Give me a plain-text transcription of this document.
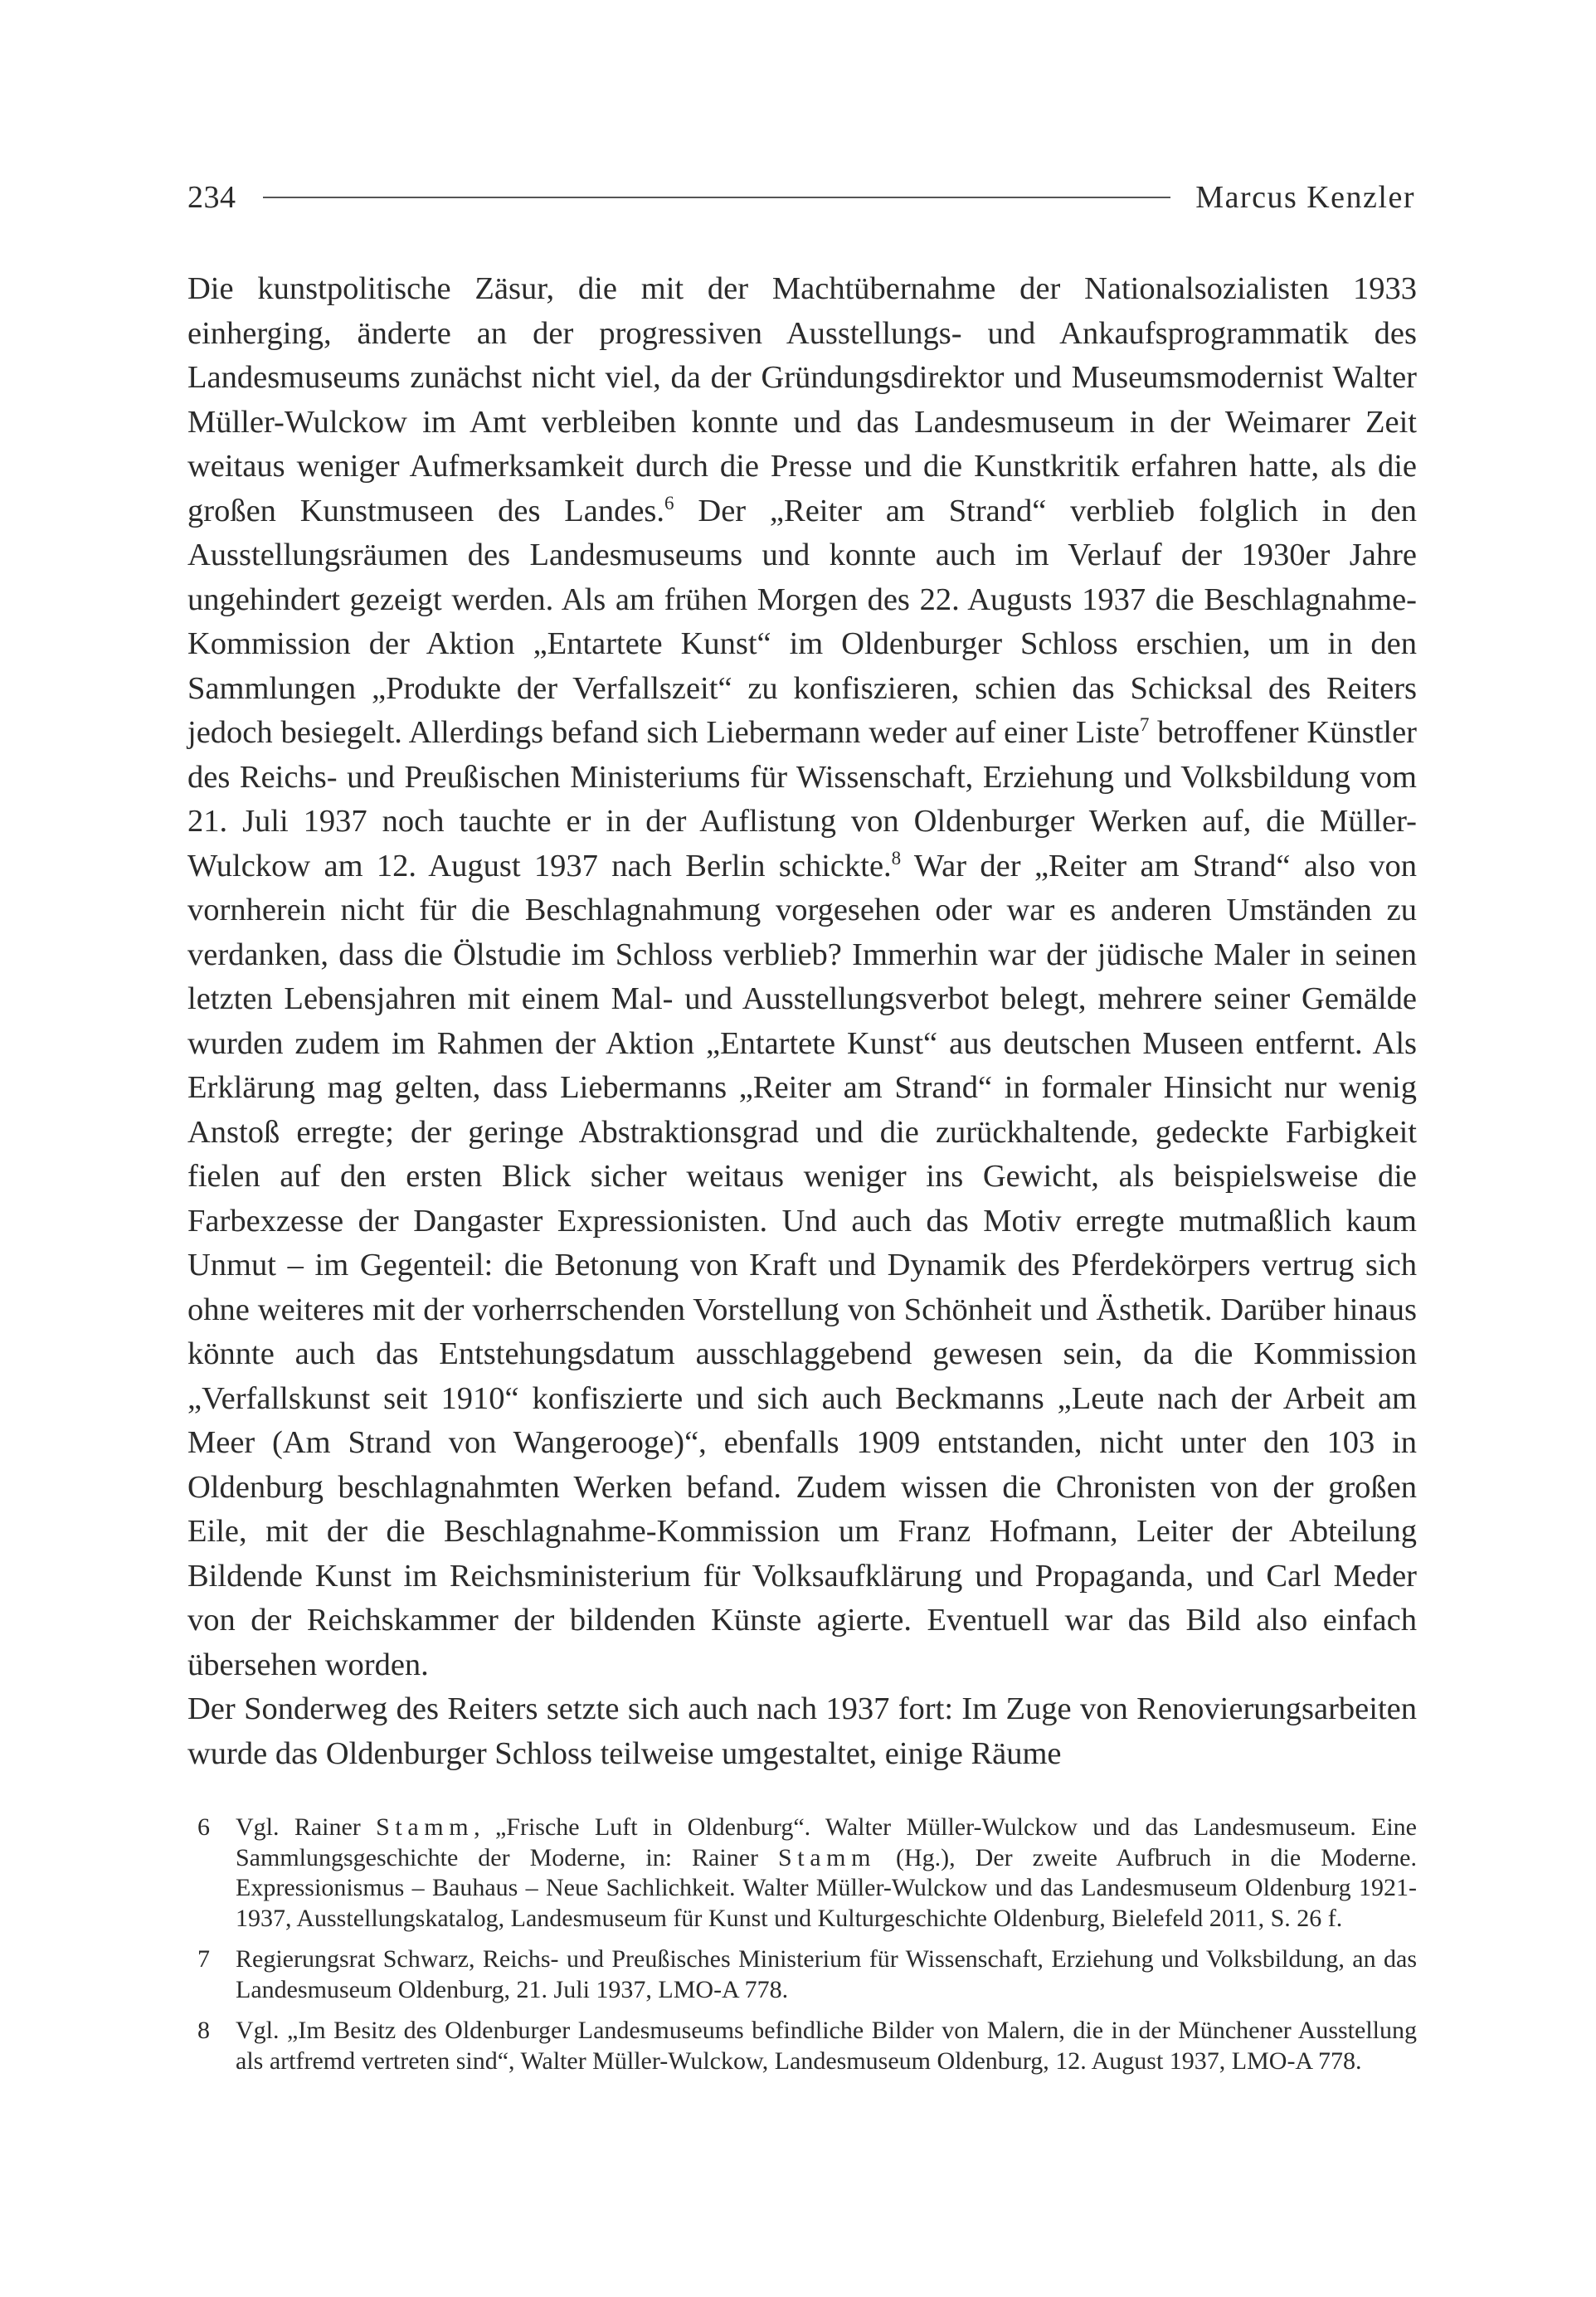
234	Marcus Kenzler

Die kunstpolitische Zäsur, die mit der Machtübernahme der Nationalsozialisten 1933 einherging, änderte an der progressiven Ausstellungs- und Ankaufsprogrammatik des Landesmuseums zunächst nicht viel, da der Gründungsdirektor und Museumsmodernist Walter Müller-Wulckow im Amt verbleiben konnte und das Landesmuseum in der Weimarer Zeit weitaus weniger Aufmerksamkeit durch die Presse und die Kunstkritik erfahren hatte, als die großen Kunstmuseen des Landes.$^6$ Der „Reiter am Strand“ verblieb folglich in den Ausstellungsräumen des Landesmuseums und konnte auch im Verlauf der 1930er Jahre ungehindert gezeigt werden. Als am frühen Morgen des 22. Augusts 1937 die Beschlagnahme-Kommission der Aktion „Entartete Kunst“ im Oldenburger Schloss erschien, um in den Sammlungen „Produkte der Verfallszeit“ zu konfiszieren, schien das Schicksal des Reiters jedoch besiegelt. Allerdings befand sich Liebermann weder auf einer Liste$^7$ betroffener Künstler des Reichs- und Preußischen Ministeriums für Wissenschaft, Erziehung und Volksbildung vom 21. Juli 1937 noch tauchte er in der Auflistung von Oldenburger Werken auf, die Müller-Wulckow am 12. August 1937 nach Berlin schickte.$^8$ War der „Reiter am Strand“ also von vornherein nicht für die Beschlagnahmung vorgesehen oder war es anderen Umständen zu verdanken, dass die Ölstudie im Schloss verblieb? Immerhin war der jüdische Maler in seinen letzten Lebensjahren mit einem Mal- und Ausstellungsverbot belegt, mehrere seiner Gemälde wurden zudem im Rahmen der Aktion „Entartete Kunst“ aus deutschen Museen entfernt. Als Erklärung mag gelten, dass Liebermanns „Reiter am Strand“ in formaler Hinsicht nur wenig Anstoß erregte; der geringe Abstraktionsgrad und die zurückhaltende, gedeckte Farbigkeit fielen auf den ersten Blick sicher weitaus weniger ins Gewicht, als beispielsweise die Farbexzesse der Dangaster Expressionisten. Und auch das Motiv erregte mutmaßlich kaum Unmut – im Gegenteil: die Betonung von Kraft und Dynamik des Pferdekörpers vertrug sich ohne weiteres mit der vorherrschenden Vorstellung von Schönheit und Ästhetik. Darüber hinaus könnte auch das Entstehungsdatum ausschlaggebend gewesen sein, da die Kommission „Verfallskunst seit 1910“ konfiszierte und sich auch Beckmanns „Leute nach der Arbeit am Meer (Am Strand von Wangerooge)“, ebenfalls 1909 entstanden, nicht unter den 103 in Oldenburg beschlagnahmten Werken befand. Zudem wissen die Chronisten von der großen Eile, mit der die Beschlagnahme-Kommission um Franz Hofmann, Leiter der Abteilung Bildende Kunst im Reichsministerium für Volksaufklärung und Propaganda, und Carl Meder von der Reichskammer der bildenden Künste agierte. Eventuell war das Bild also einfach übersehen worden.

Der Sonderweg des Reiters setzte sich auch nach 1937 fort: Im Zuge von Renovierungsarbeiten wurde das Oldenburger Schloss teilweise umgestaltet, einige Räume

6	Vgl. Rainer Stamm, „Frische Luft in Oldenburg“. Walter Müller-Wulckow und das Landesmuseum. Eine Sammlungsgeschichte der Moderne, in: Rainer Stamm (Hg.), Der zweite Aufbruch in die Moderne. Expressionismus – Bauhaus – Neue Sachlichkeit. Walter Müller-Wulckow und das Landesmuseum Oldenburg 1921-1937, Ausstellungskatalog, Landesmuseum für Kunst und Kulturgeschichte Oldenburg, Bielefeld 2011, S. 26 f.
7	Regierungsrat Schwarz, Reichs- und Preußisches Ministerium für Wissenschaft, Erziehung und Volksbildung, an das Landesmuseum Oldenburg, 21. Juli 1937, LMO-A 778.
8	Vgl. „Im Besitz des Oldenburger Landesmuseums befindliche Bilder von Malern, die in der Münchener Ausstellung als artfremd vertreten sind“, Walter Müller-Wulckow, Landesmuseum Oldenburg, 12. August 1937, LMO-A 778.
